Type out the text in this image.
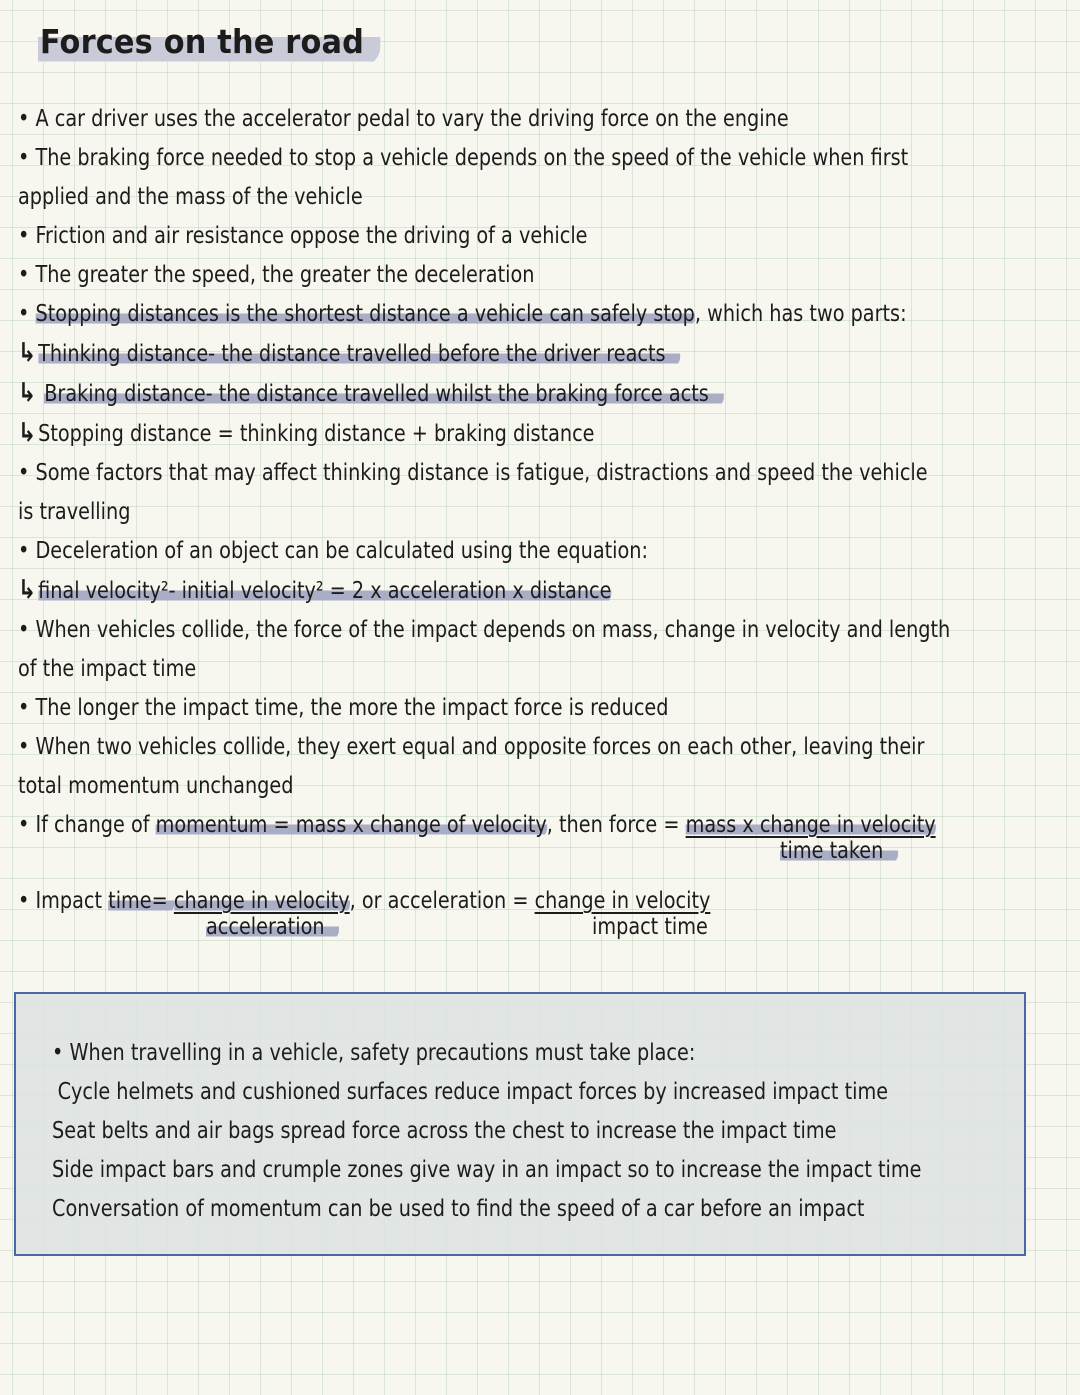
Forces on the road
• A car driver uses the accelerator pedal to vary the driving force on the engine
• The braking force needed to stop a vehicle depends on the speed of the vehicle when first
applied and the mass of the vehicle
• Friction and air resistance oppose the driving of a vehicle
• The greater the speed, the greater the deceleration
• Stopping distances is the shortest distance a vehicle can safely stop, which has two parts:
↳Thinking distance- the distance travelled before the driver reacts
↳ Braking distance- the distance travelled whilst the braking force acts
↳Stopping distance = thinking distance + braking distance
• Some factors that may affect thinking distance is fatigue, distractions and speed the vehicle
is travelling
• Deceleration of an object can be calculated using the equation:
↳final velocity²- initial velocity² = 2 x acceleration x distance
• When vehicles collide, the force of the impact depends on mass, change in velocity and length
of the impact time
• The longer the impact time, the more the impact force is reduced
• When two vehicles collide, they exert equal and opposite forces on each other, leaving their
total momentum unchanged
• If change of momentum = mass x change of velocity, then force = mass x change in velocity
time taken
• Impact time= change in velocity, or acceleration = change in velocity
acceleration	impact time
• When travelling in a vehicle, safety precautions must take place:
Cycle helmets and cushioned surfaces reduce impact forces by increased impact time
Seat belts and air bags spread force across the chest to increase the impact time
Side impact bars and crumple zones give way in an impact so to increase the impact time
Conversation of momentum can be used to find the speed of a car before an impact
